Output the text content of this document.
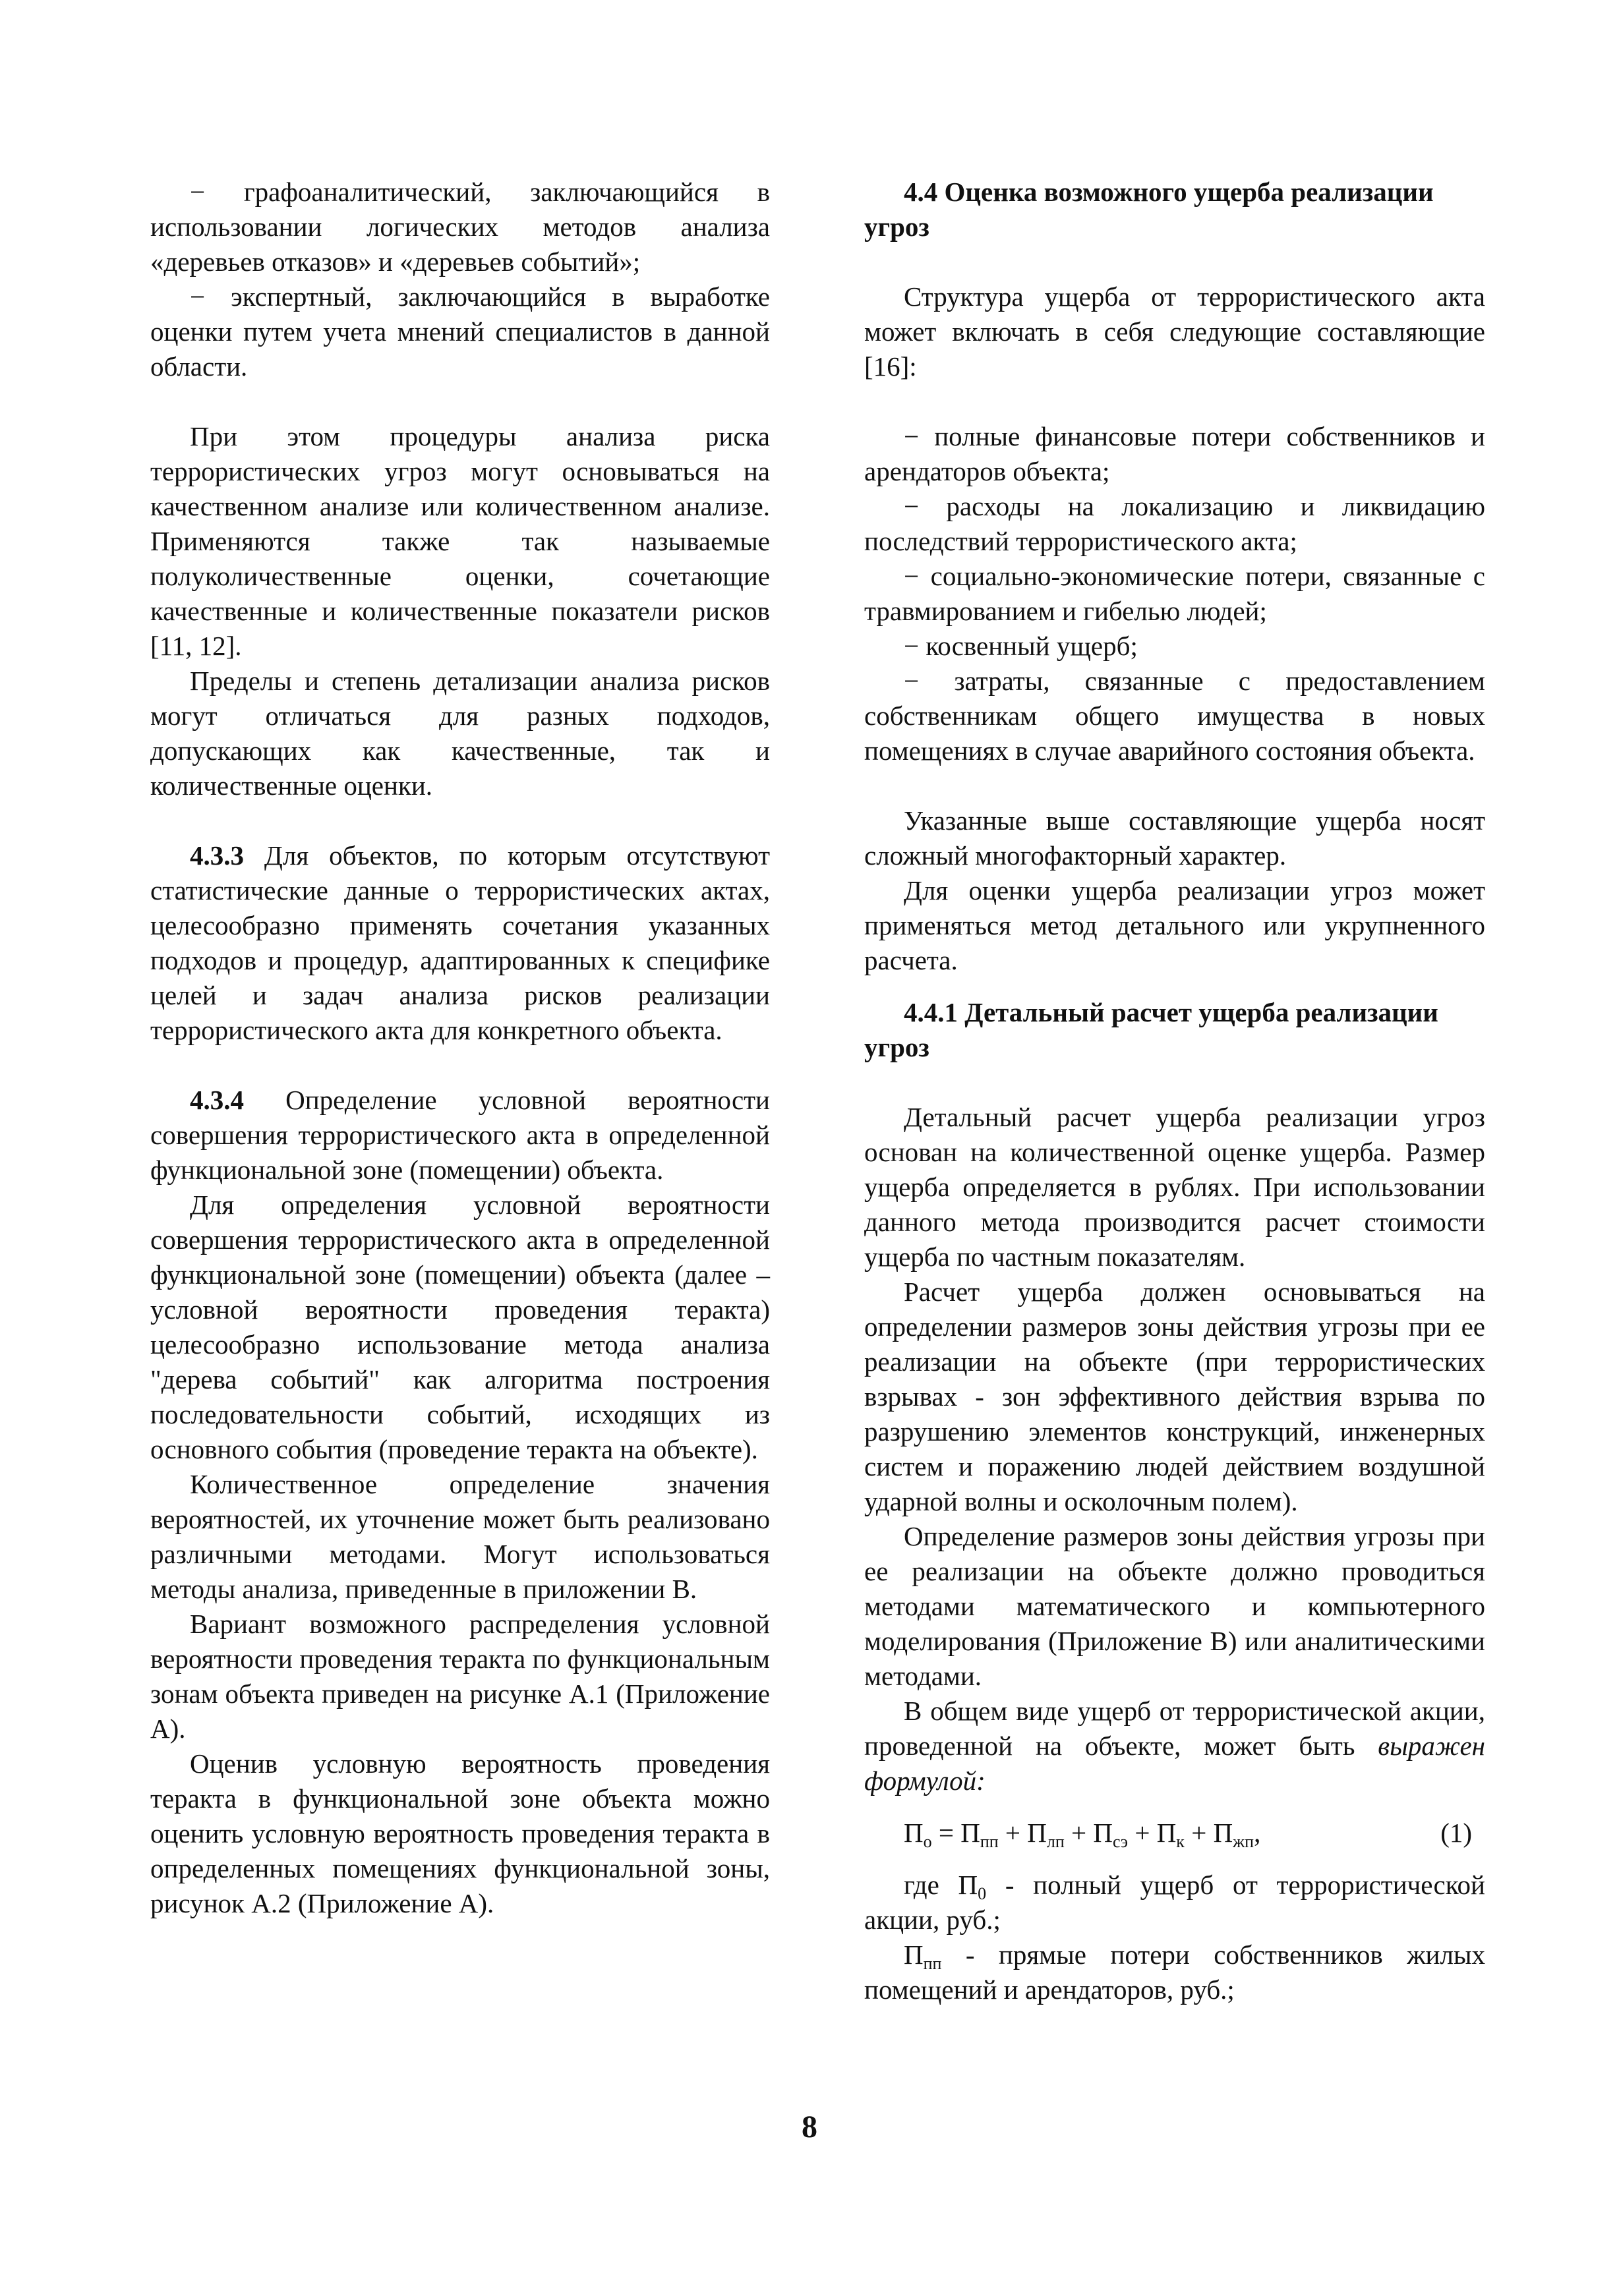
− графоаналитический, заключающийся в использовании логических методов анализа «деревьев отказов» и «деревьев событий»;

− экспертный, заключающийся в выработке оценки путем учета мнений специалистов в данной области.

При этом процедуры анализа риска террористических угроз могут основываться на качественном анализе или количественном анализе. Применяются также так называемые полуколичественные оценки, сочетающие качественные и количественные показатели рисков [11, 12].

Пределы и степень детализации анализа рисков могут отличаться для разных подходов, допускающих как качественные, так и количественные оценки.

4.3.3 Для объектов, по которым отсутствуют статистические данные о террористических актах, целесообразно применять сочетания указанных подходов и процедур, адаптированных к специфике целей и задач анализа рисков реализации террористического акта для конкретного объекта.

4.3.4 Определение условной вероятности совершения террористического акта в определенной функциональной зоне (помещении) объекта.

Для определения условной вероятности совершения террористического акта в определенной функциональной зоне (помещении) объекта (далее – условной вероятности проведения теракта) целесообразно использование метода анализа "дерева событий" как алгоритма построения последовательности событий, исходящих из основного события (проведение теракта на объекте).

Количественное определение значения вероятностей, их уточнение может быть реализовано различными методами. Могут использоваться методы анализа, приведенные в приложении В.

Вариант возможного распределения условной вероятности проведения теракта по функциональным зонам объекта приведен на рисунке А.1 (Приложение А).

Оценив условную вероятность проведения теракта в функциональной зоне объекта можно оценить условную вероятность проведения теракта в определенных помещениях функциональной зоны, рисунок А.2 (Приложение А).

4.4 Оценка возможного ущерба реализации угроз

Структура ущерба от террористического акта может включать в себя следующие составляющие [16]:

− полные финансовые потери собственников и арендаторов объекта;

− расходы на локализацию и ликвидацию последствий террористического акта;

− социально-экономические потери, связанные с травмированием и гибелью людей;

− косвенный ущерб;

− затраты, связанные с предоставлением собственникам общего имущества в новых помещениях в случае аварийного состояния объекта.

Указанные выше составляющие ущерба носят сложный многофакторный характер.

Для оценки ущерба реализации угроз может применяться метод детального или укрупненного расчета.

4.4.1 Детальный расчет ущерба реализации угроз

Детальный расчет ущерба реализации угроз основан на количественной оценке ущерба. Размер ущерба определяется в рублях. При использовании данного метода производится расчет стоимости ущерба по частным показателям.

Расчет ущерба должен основываться на определении размеров зоны действия угрозы при ее реализации на объекте (при террористических взрывах - зон эффективного действия взрыва по разрушению элементов конструкций, инженерных систем и поражению людей действием воздушной ударной волны и осколочным полем).

Определение размеров зоны действия угрозы при ее реализации на объекте должно проводиться методами математического и компьютерного моделирования (Приложение В) или аналитическими методами.

В общем виде ущерб от террористической акции, проведенной на объекте, может быть выражен формулой:

$П_о = П_{пп} + П_{лп} + П_{сэ} + П_к + П_{жп}$,	(1)

где $П_0$ - полный ущерб от террористической акции, руб.;

$П_{пп}$ - прямые потери собственников жилых помещений и арендаторов, руб.;

8
